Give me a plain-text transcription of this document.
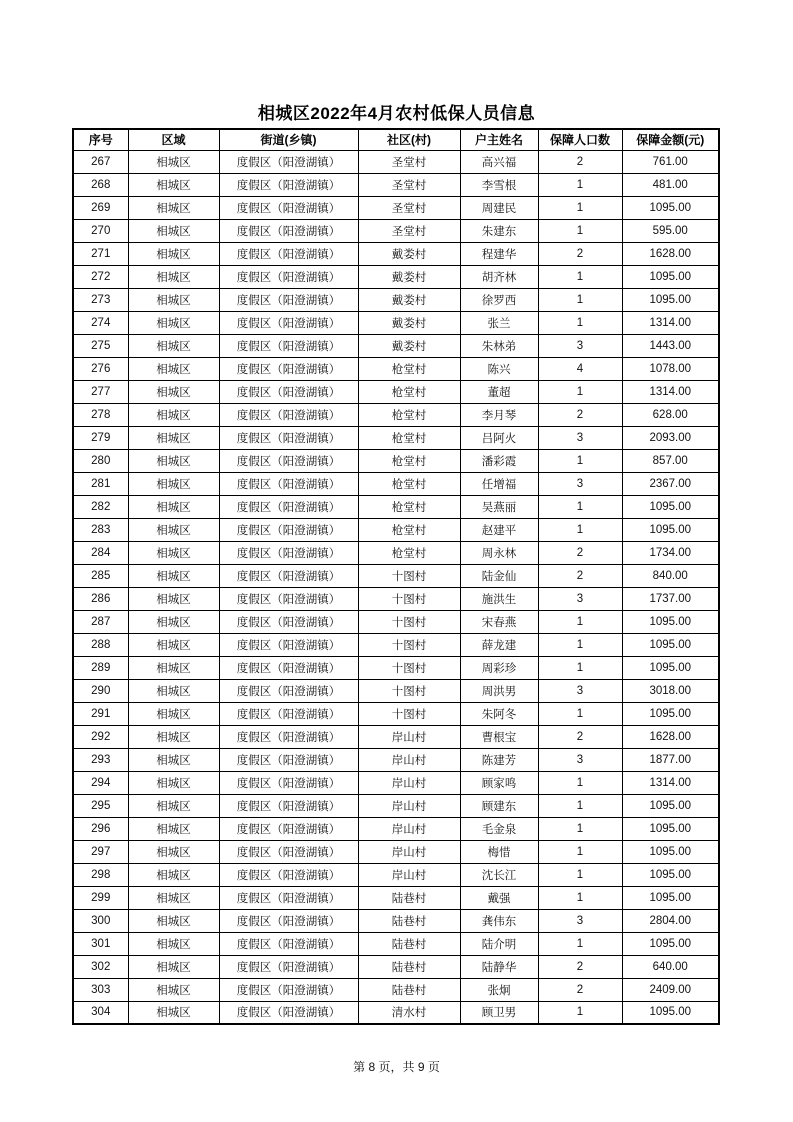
相城区2022年4月农村低保人员信息
序号	区域	街道(乡镇)	社区(村)	户主姓名	保障人口数	保障金额(元)
267	相城区	度假区（阳澄湖镇）	圣堂村	高兴福	2	761.00
268	相城区	度假区（阳澄湖镇）	圣堂村	李雪根	1	481.00
269	相城区	度假区（阳澄湖镇）	圣堂村	周建民	1	1095.00
270	相城区	度假区（阳澄湖镇）	圣堂村	朱建东	1	595.00
271	相城区	度假区（阳澄湖镇）	戴娄村	程建华	2	1628.00
272	相城区	度假区（阳澄湖镇）	戴娄村	胡齐林	1	1095.00
273	相城区	度假区（阳澄湖镇）	戴娄村	徐罗西	1	1095.00
274	相城区	度假区（阳澄湖镇）	戴娄村	张兰	1	1314.00
275	相城区	度假区（阳澄湖镇）	戴娄村	朱林弟	3	1443.00
276	相城区	度假区（阳澄湖镇）	枪堂村	陈兴	4	1078.00
277	相城区	度假区（阳澄湖镇）	枪堂村	董超	1	1314.00
278	相城区	度假区（阳澄湖镇）	枪堂村	李月琴	2	628.00
279	相城区	度假区（阳澄湖镇）	枪堂村	吕阿火	3	2093.00
280	相城区	度假区（阳澄湖镇）	枪堂村	潘彩霞	1	857.00
281	相城区	度假区（阳澄湖镇）	枪堂村	任增福	3	2367.00
282	相城区	度假区（阳澄湖镇）	枪堂村	吴燕丽	1	1095.00
283	相城区	度假区（阳澄湖镇）	枪堂村	赵建平	1	1095.00
284	相城区	度假区（阳澄湖镇）	枪堂村	周永林	2	1734.00
285	相城区	度假区（阳澄湖镇）	十图村	陆金仙	2	840.00
286	相城区	度假区（阳澄湖镇）	十图村	施洪生	3	1737.00
287	相城区	度假区（阳澄湖镇）	十图村	宋春燕	1	1095.00
288	相城区	度假区（阳澄湖镇）	十图村	薛龙建	1	1095.00
289	相城区	度假区（阳澄湖镇）	十图村	周彩珍	1	1095.00
290	相城区	度假区（阳澄湖镇）	十图村	周洪男	3	3018.00
291	相城区	度假区（阳澄湖镇）	十图村	朱阿冬	1	1095.00
292	相城区	度假区（阳澄湖镇）	岸山村	曹根宝	2	1628.00
293	相城区	度假区（阳澄湖镇）	岸山村	陈建芳	3	1877.00
294	相城区	度假区（阳澄湖镇）	岸山村	顾家鸣	1	1314.00
295	相城区	度假区（阳澄湖镇）	岸山村	顾建东	1	1095.00
296	相城区	度假区（阳澄湖镇）	岸山村	毛金泉	1	1095.00
297	相城区	度假区（阳澄湖镇）	岸山村	梅惜	1	1095.00
298	相城区	度假区（阳澄湖镇）	岸山村	沈长江	1	1095.00
299	相城区	度假区（阳澄湖镇）	陆巷村	戴强	1	1095.00
300	相城区	度假区（阳澄湖镇）	陆巷村	龚伟东	3	2804.00
301	相城区	度假区（阳澄湖镇）	陆巷村	陆介明	1	1095.00
302	相城区	度假区（阳澄湖镇）	陆巷村	陆静华	2	640.00
303	相城区	度假区（阳澄湖镇）	陆巷村	张炯	2	2409.00
304	相城区	度假区（阳澄湖镇）	清水村	顾卫男	1	1095.00
第 8 页，共 9 页
